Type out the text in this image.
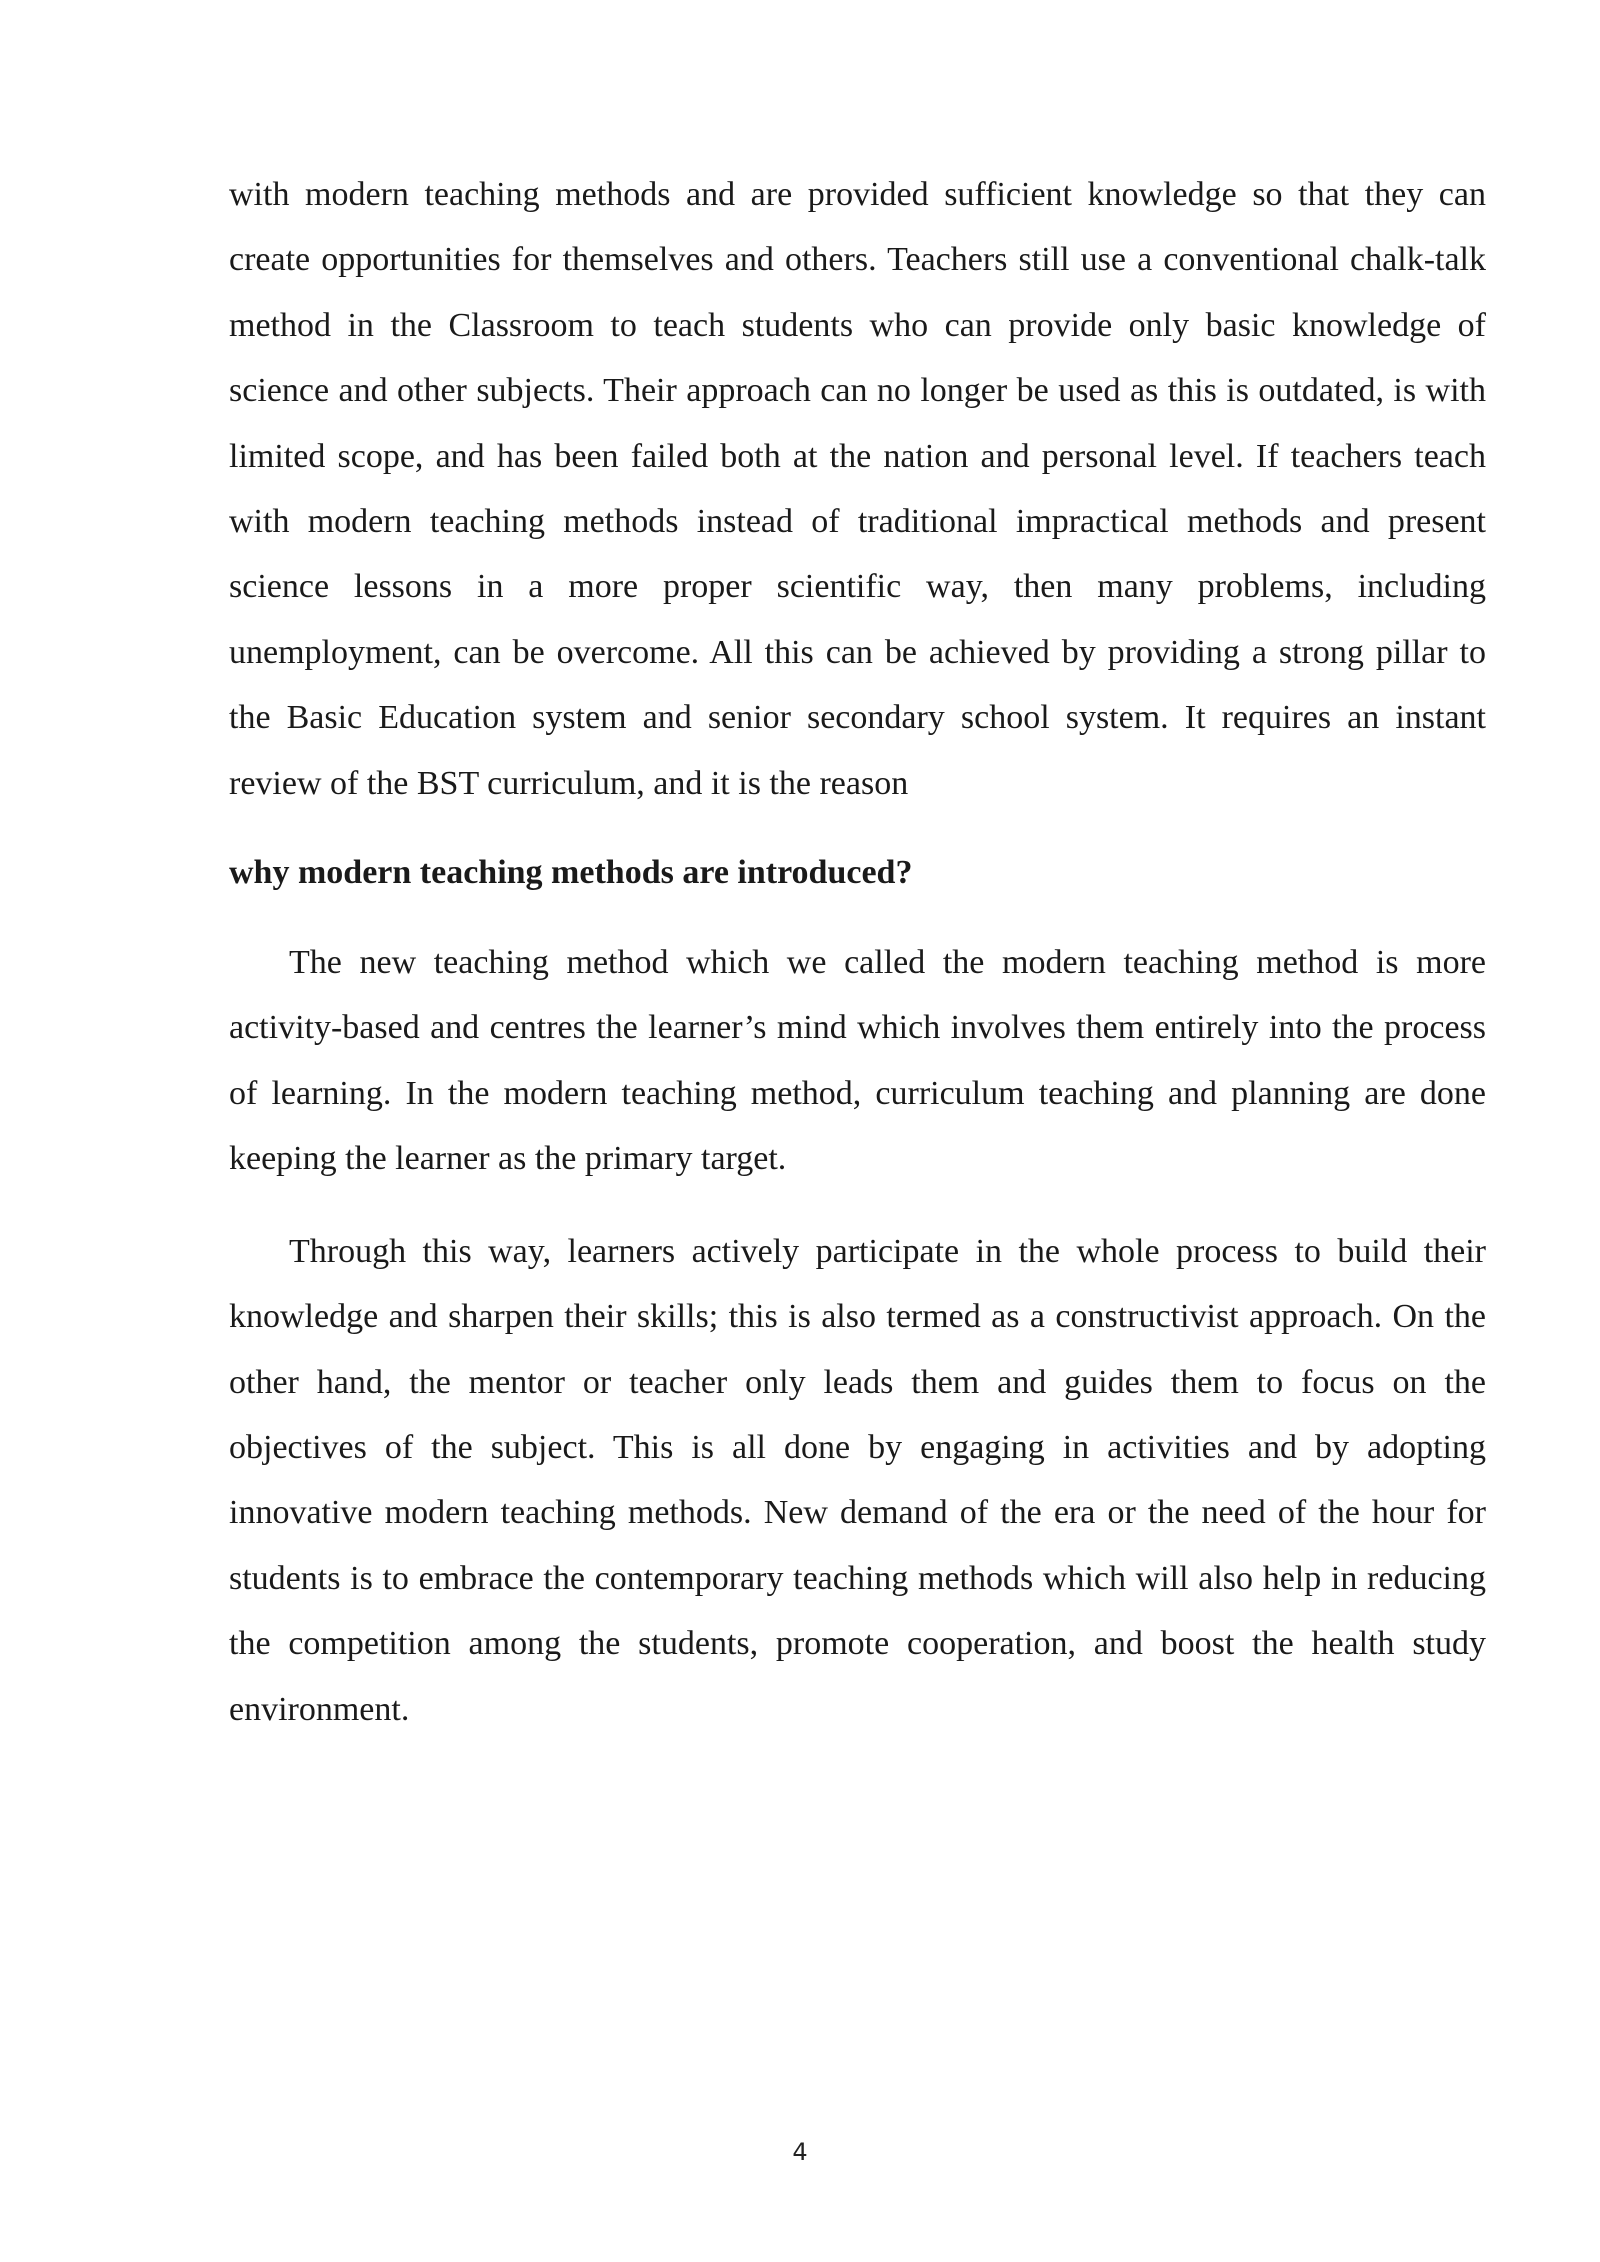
with modern teaching methods and are provided sufficient knowledge so that they can create opportunities for themselves and others. Teachers still use a conventional chalk-talk method in the Classroom to teach students who can provide only basic knowledge of science and other subjects. Their approach can no longer be used as this is outdated, is with limited scope, and has been failed both at the nation and personal level. If teachers teach with modern teaching methods instead of traditional impractical methods and present science lessons in a more proper scientific way, then many problems, including unemployment, can be overcome. All this can be achieved by providing a strong pillar to the Basic Education system and senior secondary school system. It requires an instant review of the BST curriculum, and it is the reason

why modern teaching methods are introduced?

The new teaching method which we called the modern teaching method is more activity-based and centres the learner’s mind which involves them entirely into the process of learning. In the modern teaching method, curriculum teaching and planning are done keeping the learner as the primary target.

Through this way, learners actively participate in the whole process to build their knowledge and sharpen their skills; this is also termed as a constructivist approach. On the other hand, the mentor or teacher only leads them and guides them to focus on the objectives of the subject. This is all done by engaging in activities and by adopting innovative modern teaching methods. New demand of the era or the need of the hour for students is to embrace the contemporary teaching methods which will also help in reducing the competition among the students, promote cooperation, and boost the health study environment.

4
